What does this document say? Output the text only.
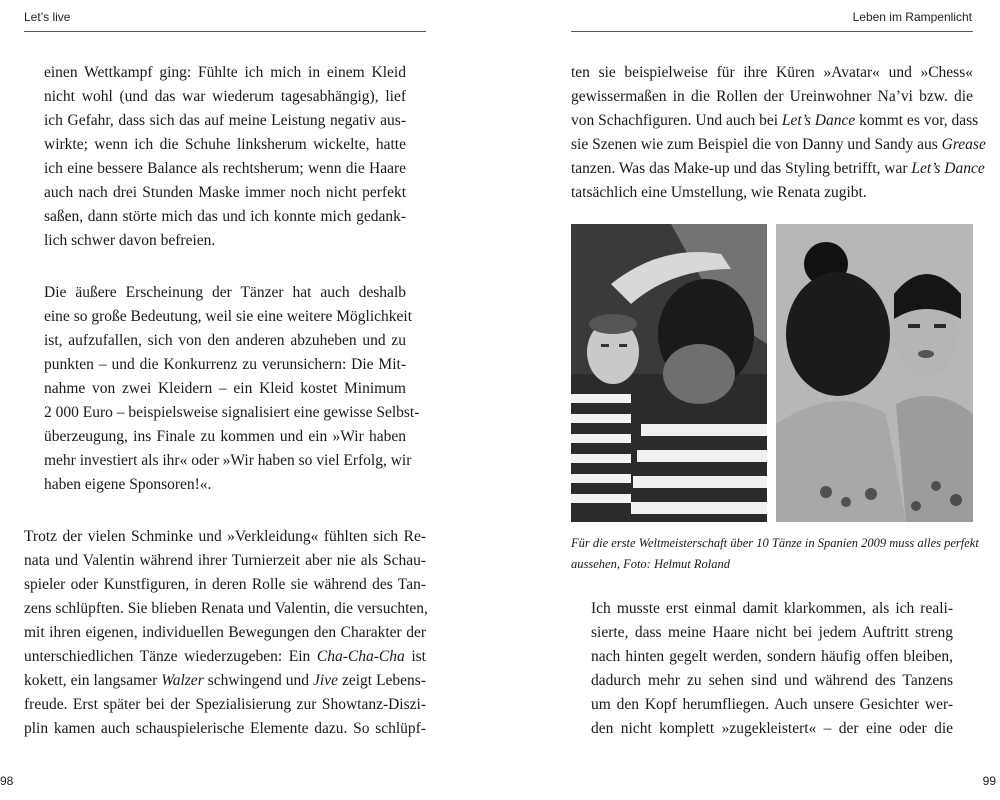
Let’s live	Leben im Rampenlicht
einen Wettkampf ging: Fühlte ich mich in einem Kleid
nicht wohl (und das war wiederum tagesabhängig), lief
ich Gefahr, dass sich das auf meine Leistung negativ aus-
wirkte; wenn ich die Schuhe linksherum wickelte, hatte
ich eine bessere Balance als rechtsherum; wenn die Haare
auch nach drei Stunden Maske immer noch nicht perfekt
saßen, dann störte mich das und ich konnte mich gedank-
lich schwer davon befreien.
Die äußere Erscheinung der Tänzer hat auch deshalb
eine so große Bedeutung, weil sie eine weitere Möglichkeit
ist, aufzufallen, sich von den anderen abzuheben und zu
punkten – und die Konkurrenz zu verunsichern: Die Mit-
nahme von zwei Kleidern – ein Kleid kostet Minimum
2 000 Euro – beispielsweise signalisiert eine gewisse Selbst-
überzeugung, ins Finale zu kommen und ein »Wir haben
mehr investiert als ihr« oder »Wir haben so viel Erfolg, wir
haben eigene Sponsoren!«.
Trotz der vielen Schminke und »Verkleidung« fühlten sich Re-
nata und Valentin während ihrer Turnierzeit aber nie als Schau-
spieler oder Kunstfiguren, in deren Rolle sie während des Tan-
zens schlüpften. Sie blieben Renata und Valentin, die versuchten,
mit ihren eigenen, individuellen Bewegungen den Charakter der
unterschiedlichen Tänze wiederzugeben: Ein Cha-Cha-Cha ist
kokett, ein langsamer Walzer schwingend und Jive zeigt Lebens-
freude. Erst später bei der Spezialisierung zur Showtanz-Diszi-
plin kamen auch schauspielerische Elemente dazu. So schlüpf-
98
ten sie beispielweise für ihre Küren »Avatar« und »Chess«
gewissermaßen in die Rollen der Ureinwohner Na’vi bzw. die
von Schachfiguren. Und auch bei Let’s Dance kommt es vor, dass
sie Szenen wie zum Beispiel die von Danny und Sandy aus Grease
tanzen. Was das Make-up und das Styling betrifft, war Let’s Dance
tatsächlich eine Umstellung, wie Renata zugibt.
Für die erste Weltmeisterschaft über 10 Tänze in Spanien 2009 muss alles perfekt
aussehen, Foto: Helmut Roland
Ich musste erst einmal damit klarkommen, als ich reali-
sierte, dass meine Haare nicht bei jedem Auftritt streng
nach hinten gegelt werden, sondern häufig offen bleiben,
dadurch mehr zu sehen sind und während des Tanzens
um den Kopf herumfliegen. Auch unsere Gesichter wer-
den nicht komplett »zugekleistert« – der eine oder die
99
